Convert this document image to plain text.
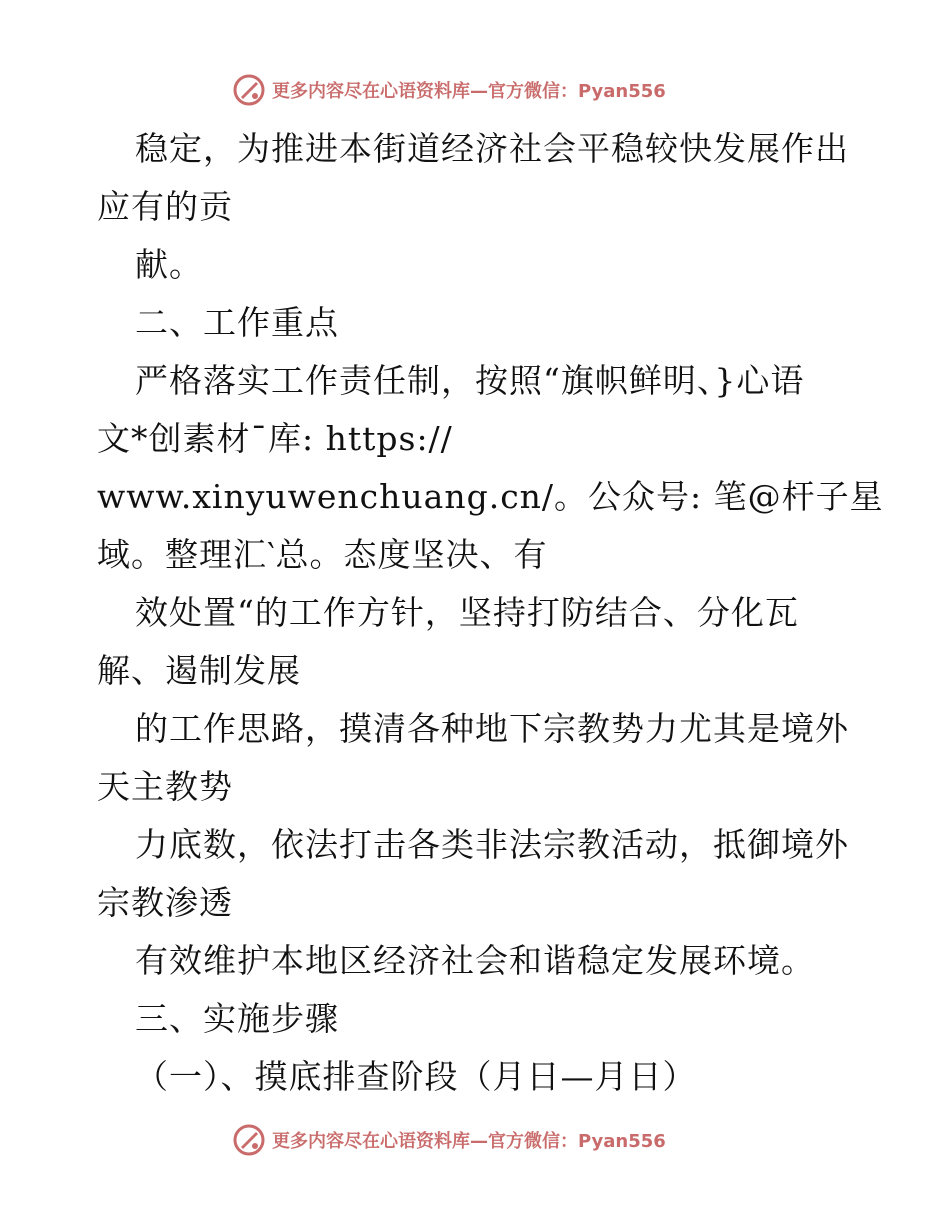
更多内容尽在心语资料库—官方微信：Pyan556
稳定，为推进本街道经济社会平稳较快发展作出
应有的贡
献。
二、工作重点
严格落实工作责任制，按照“旗帜鲜明、}心语
文*创素材¯库: https://
www.xinyuwenchuang.cn/。公众号: 笔@杆子星
域。整理汇‵总。态度坚决、有
效处置“的工作方针，坚持打防结合、分化瓦
解、遏制发展
的工作思路，摸清各种地下宗教势力尤其是境外
天主教势
力底数，依法打击各类非法宗教活动，抵御境外
宗教渗透
有效维护本地区经济社会和谐稳定发展环境。
三、实施步骤
（一）、摸底排查阶段（月日—月日）
更多内容尽在心语资料库—官方微信：Pyan556
